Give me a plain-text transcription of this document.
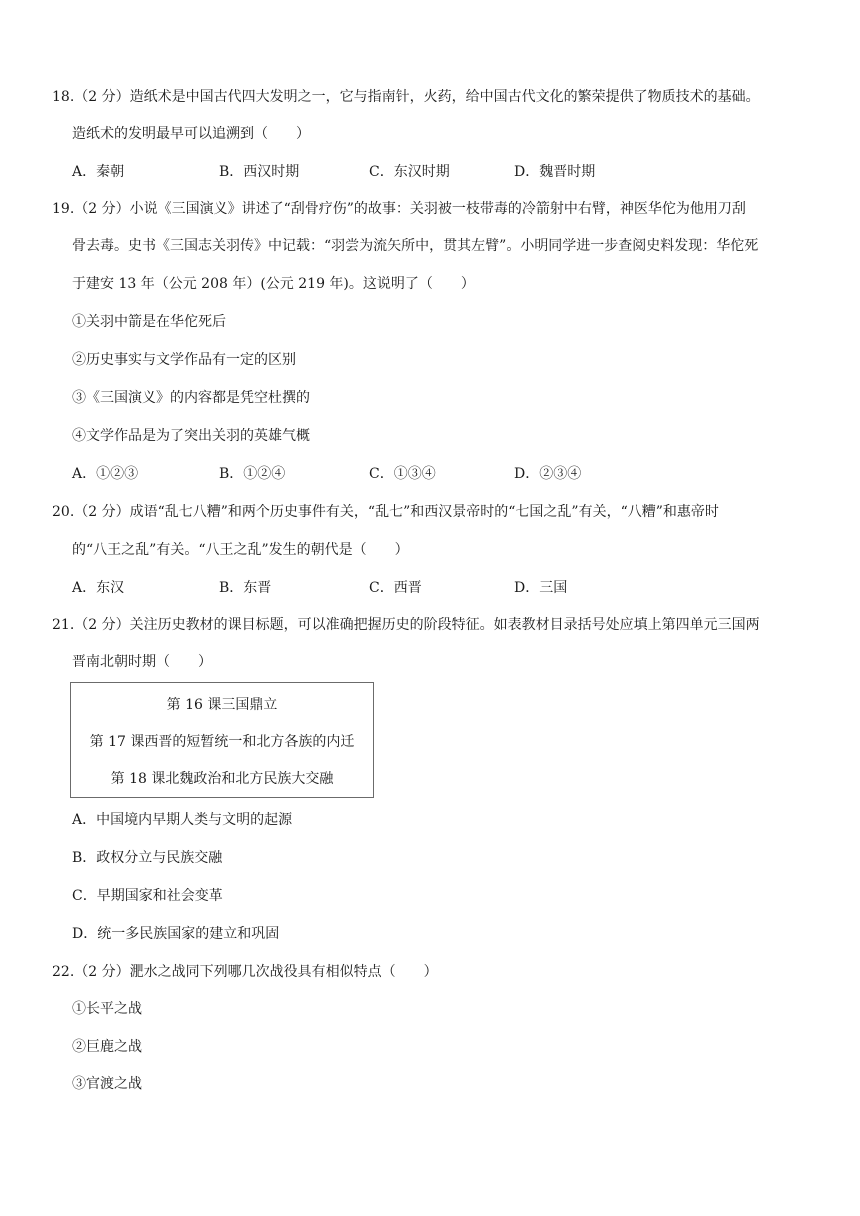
18.（2 分）造纸术是中国古代四大发明之一，它与指南针，火药，给中国古代文化的繁荣提供了物质技术的基础。
造纸术的发明最早可以追溯到（　　）
A．秦朝	B．西汉时期	C．东汉时期	D．魏晋时期
19.（2 分）小说《三国演义》讲述了“刮骨疗伤”的故事：关羽被一枝带毒的冷箭射中右臂，神医华佗为他用刀刮
骨去毒。史书《三国志关羽传》中记载：“羽尝为流矢所中，贯其左臂”。小明同学进一步查阅史料发现：华佗死
于建安 13 年（公元 208 年）(公元 219 年)。这说明了（　　）
①关羽中箭是在华佗死后
②历史事实与文学作品有一定的区别
③《三国演义》的内容都是凭空杜撰的
④文学作品是为了突出关羽的英雄气概
A．①②③	B．①②④	C．①③④	D．②③④
20.（2 分）成语“乱七八糟”和两个历史事件有关，“乱七”和西汉景帝时的“七国之乱”有关，“八糟”和惠帝时
的“八王之乱”有关。“八王之乱”发生的朝代是（　　）
A．东汉	B．东晋	C．西晋	D．三国
21.（2 分）关注历史教材的课目标题，可以准确把握历史的阶段特征。如表教材目录括号处应填上第四单元三国两
晋南北朝时期（　　）
第 16 课三国鼎立
第 17 课西晋的短暂统一和北方各族的内迁
第 18 课北魏政治和北方民族大交融
A．中国境内早期人类与文明的起源
B．政权分立与民族交融
C．早期国家和社会变革
D．统一多民族国家的建立和巩固
22.（2 分）淝水之战同下列哪几次战役具有相似特点（　　）
①长平之战
②巨鹿之战
③官渡之战
